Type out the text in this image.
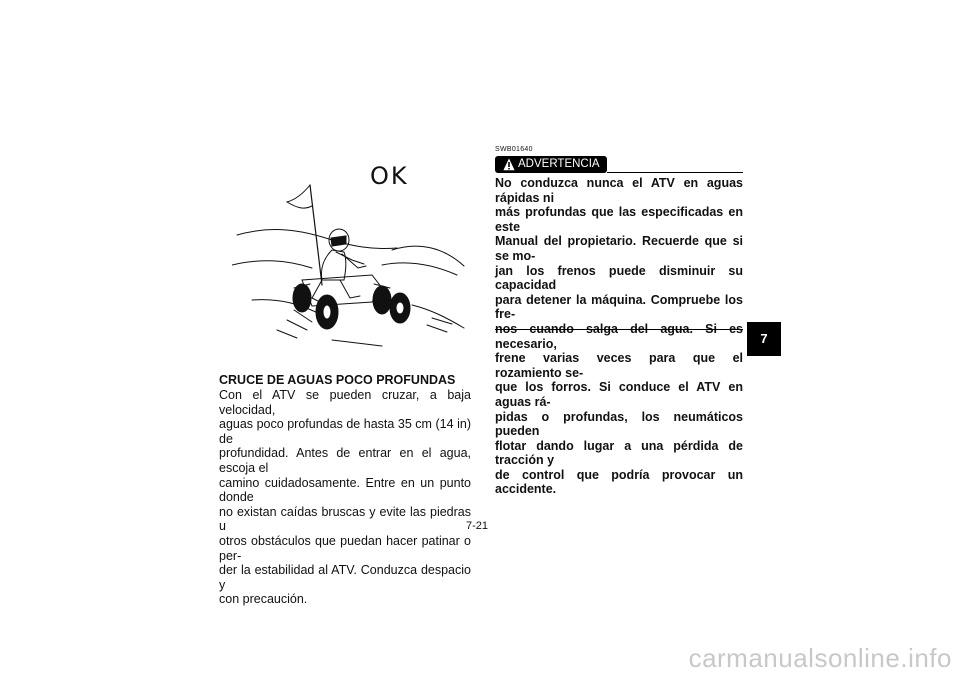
OK
CRUCE DE AGUAS POCO PROFUNDAS
Con el ATV se pueden cruzar, a baja velocidad,
aguas poco profundas de hasta 35 cm (14 in) de
profundidad. Antes de entrar en el agua, escoja el
camino cuidadosamente. Entre en un punto donde
no existan caídas bruscas y evite las piedras u
otros obstáculos que puedan hacer patinar o per-
der la estabilidad al ATV. Conduzca despacio y
con precaución.
SWB01640
ADVERTENCIA
No conduzca nunca el ATV en aguas rápidas ni
más profundas que las especificadas en este
Manual del propietario. Recuerde que si se mo-
jan los frenos puede disminuir su capacidad
para detener la máquina. Compruebe los fre-
nos cuando salga del agua. Si es necesario,
frene varias veces para que el rozamiento se-
que los forros. Si conduce el ATV en aguas rá-
pidas o profundas, los neumáticos pueden
flotar dando lugar a una pérdida de tracción y
de control que podría provocar un accidente.
7
7-21
carmanualsonline.info
